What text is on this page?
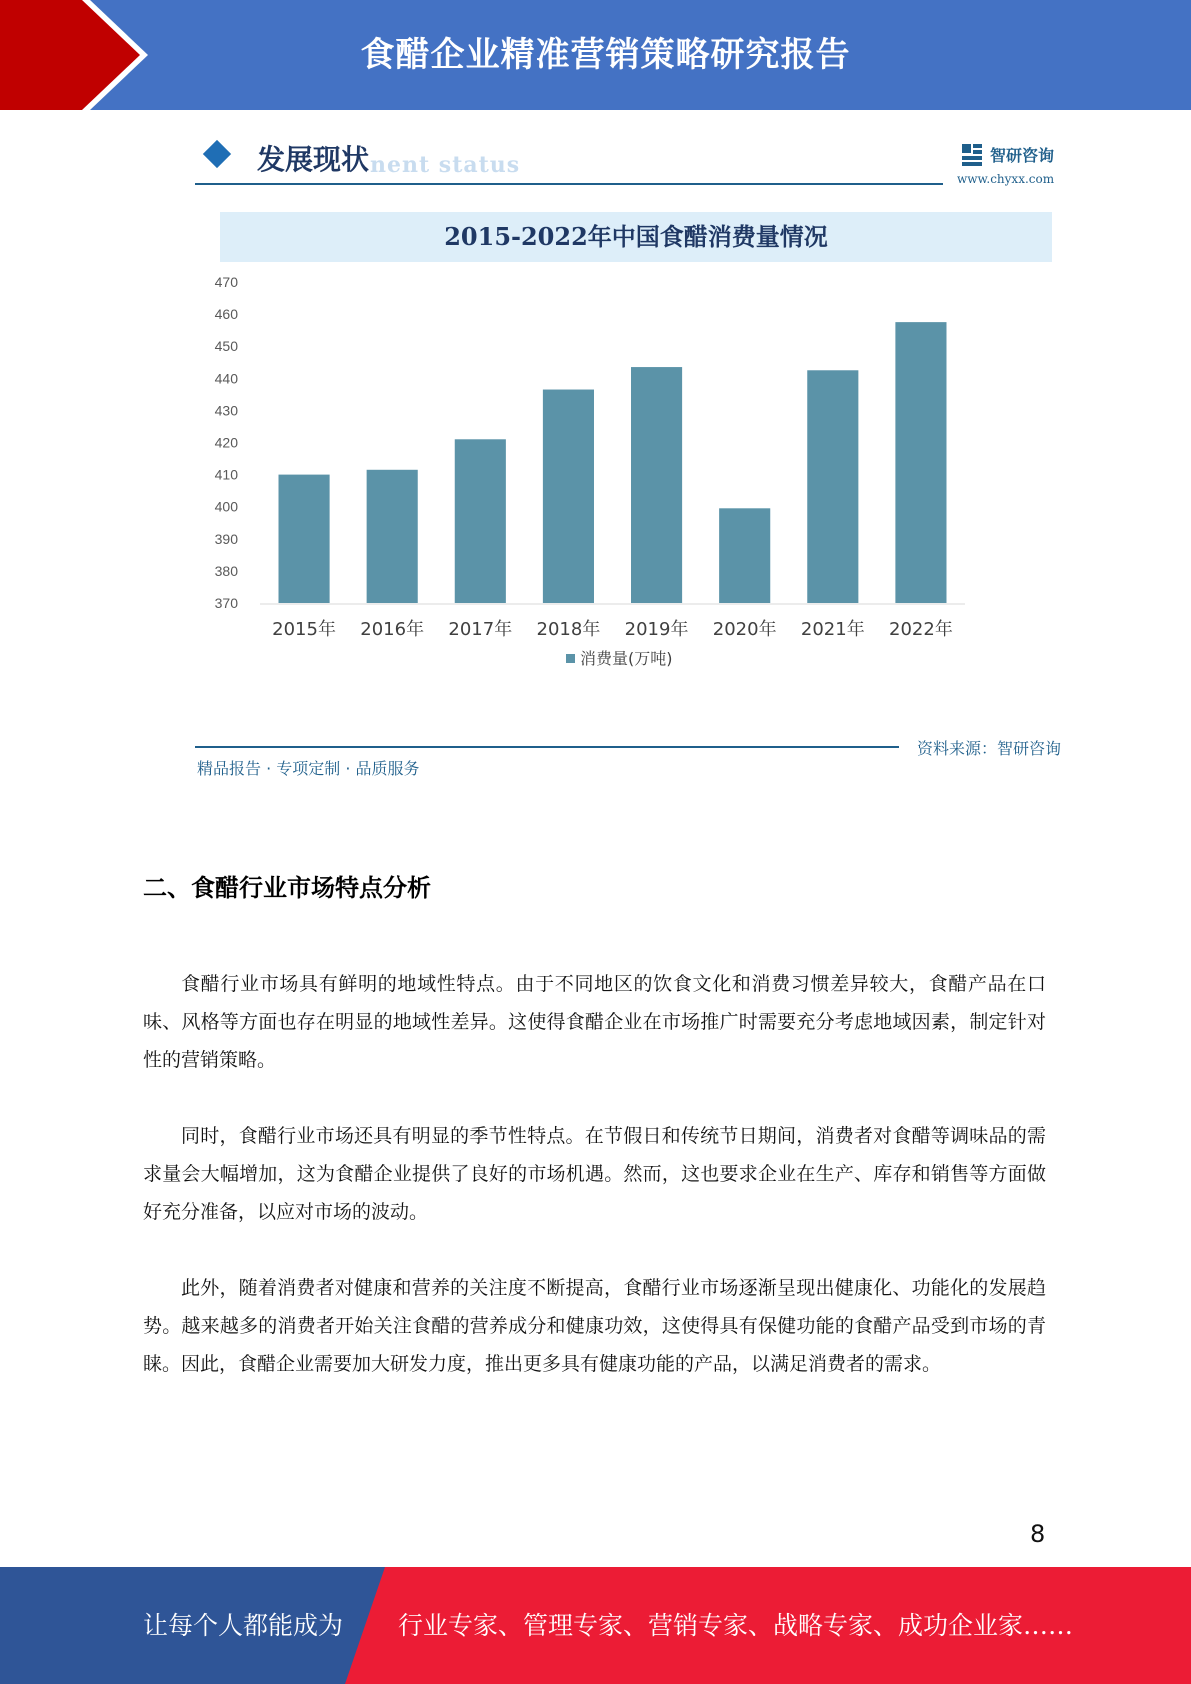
食醋企业精准营销策略研究报告
nent status
发展现状	智研咨询
www.chyxx.com
2015-2022年中国食醋消费量情况
370
380
390
400
410
420
430
440
450
460
470
2015年 2016年 2017年 2018年 2019年 2020年 2021年 2022年
消费量(万吨)
精品报告 · 专项定制 · 品质服务
资料来源：智研咨询
二、食醋行业市场特点分析

食醋行业市场具有鲜明的地域性特点。由于不同地区的饮食文化和消费习惯差异较大，食醋产品在口味、风格等方面也存在明显的地域性差异。这使得食醋企业在市场推广时需要充分考虑地域因素，制定针对性的营销策略。

同时，食醋行业市场还具有明显的季节性特点。在节假日和传统节日期间，消费者对食醋等调味品的需求量会大幅增加，这为食醋企业提供了良好的市场机遇。然而，这也要求企业在生产、库存和销售等方面做好充分准备，以应对市场的波动。

此外，随着消费者对健康和营养的关注度不断提高，食醋行业市场逐渐呈现出健康化、功能化的发展趋势。越来越多的消费者开始关注食醋的营养成分和健康功效，这使得具有保健功能的食醋产品受到市场的青睐。因此，食醋企业需要加大研发力度，推出更多具有健康功能的产品，以满足消费者的需求。

8
让每个人都能成为 行业专家、管理专家、营销专家、战略专家、成功企业家……
